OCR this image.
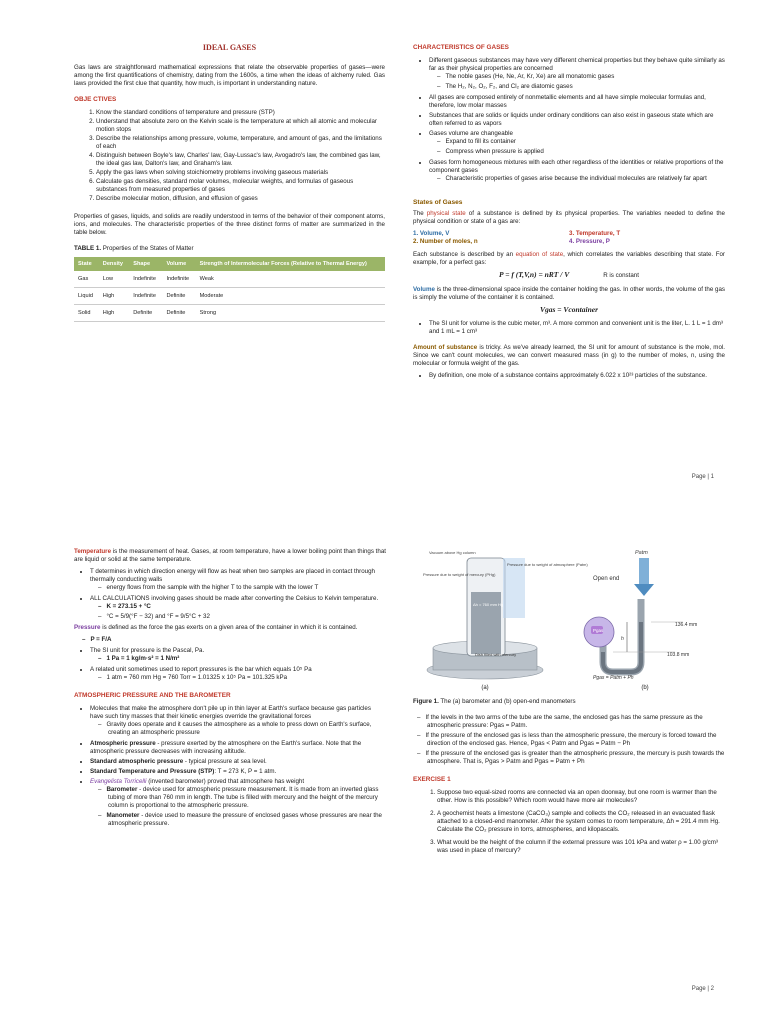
IDEAL GASES

Gas laws are straightforward mathematical expressions that relate the observable properties of gases—were among the first quantifications of chemistry, dating from the 1600s, a time when the ideas of alchemy ruled. Gas laws provided the first clue that quantity, how much, is important in understanding nature.

OBJE CTIVES
1. Know the standard conditions of temperature and pressure (STP)
2. Understand that absolute zero on the Kelvin scale is the temperature at which all atomic and molecular motion stops
3. Describe the relationships among pressure, volume, temperature, and amount of gas, and the limitations of each
4. Distinguish between Boyle's law, Charles' law, Gay-Lussac's law, Avogadro's law, the combined gas law, the ideal gas law, Dalton's law, and Graham's law.
5. Apply the gas laws when solving stoichiometry problems involving gaseous materials
6. Calculate gas densities, standard molar volumes, molecular weights, and formulas of gaseous substances from measured properties of gases
7. Describe molecular motion, diffusion, and effusion of gases

Properties of gases, liquids, and solids are readily understood in terms of the behavior of their component atoms, ions, and molecules. The characteristic properties of the three distinct forms of matter are summarized in the table below.

TABLE 1. Properties of the States of Matter
State	Density	Shape	Volume	Strength of Intermolecular Forces (Relative to Thermal Energy)
Gas	Low	Indefinite	Indefinite	Weak
Liquid	High	Indefinite	Definite	Moderate
Solid	High	Definite	Definite	Strong
CHARACTERISTICS OF GASES
• Different gaseous substances may have very different chemical properties but they behave quite similarly as far as their physical properties are concerned
– The noble gases (He, Ne, Ar, Kr, Xe) are all monatomic gases
– The H₂, N₂, O₂, F₂, and Cl₂ are diatomic gases
• All gases are composed entirely of nonmetallic elements and all have simple molecular formulas and, therefore, low molar masses
• Substances that are solids or liquids under ordinary conditions can also exist in gaseous state which are often referred to as vapors
• Gases volume are changeable
– Expand to fill its container
– Compress when pressure is applied
• Gases form homogeneous mixtures with each other regardless of the identities or relative proportions of the component gases
– Characteristic properties of gases arise because the individual molecules are relatively far apart
States of Gases

The physical state of a substance is defined by its physical properties. The variables needed to define the physical condition or state of a gas are:

1. Volume, V	3. Temperature, T
2. Number of moles, n	4. Pressure, P

Each substance is described by an equation of state, which correlates the variables describing that state. For example, for a perfect gas:

P = f (T,V,n) = nRT / V	R is constant

Volume is the three-dimensional space inside the container holding the gas. In other words, the volume of the gas is simply the volume of the container it is contained.

Vgas = Vcontainer
• The SI unit for volume is the cubic meter, m³. A more common and convenient unit is the liter, L. 1 L = 1 dm³ and 1 mL = 1 cm³

Amount of substance is tricky. As we've already learned, the SI unit for amount of substance is the mole, mol. Since we can't count molecules, we can convert measured mass (in g) to the number of moles, n, using the molecular or formula weight of the gas.

• By definition, one mole of a substance contains approximately 6.022 x 10²³ particles of the substance.
Page | 1

Temperature is the measurement of heat. Gases, at room temperature, have a lower boiling point than things that are liquid or solid at the same temperature.

• T determines in which direction energy will flow as heat when two samples are placed in contact through thermally conducting walls
– energy flows from the sample with the higher T to the sample with the lower T
• ALL CALCULATIONS involving gases should be made after converting the Celsius to Kelvin temperature.
– K = 273.15 + °C
– °C = 5/9(°F − 32) and °F = 9/5°C + 32

Pressure is defined as the force the gas exerts on a given area of the container in which it is contained.

– P = F/A
• The SI unit for pressure is the Pascal, Pa.
– 1 Pa = 1 kg/m·s² = 1 N/m²
• A related unit sometimes used to report pressures is the bar which equals 10⁵ Pa
– 1 atm = 760 mm Hg = 760 Torr = 1.01325 x 10⁵ Pa = 101.325 kPa
ATMOSPHERIC PRESSURE AND THE BAROMETER
• Molecules that make the atmosphere don't pile up in thin layer at Earth's surface because gas particles have such tiny masses that their kinetic energies override the gravitational forces
– Gravity does operate and it causes the atmosphere as a whole to press down on Earth's surface, creating an atmospheric pressure
• Atmospheric pressure - pressure exerted by the atmosphere on the Earth's surface. Note that the atmospheric pressure decreases with increasing altitude.
• Standard atmospheric pressure - typical pressure at sea level.
• Standard Temperature and Pressure (STP): T = 273 K, P = 1 atm.
• Evangelista Torricelli (invented barometer) proved that atmosphere has weight
– Barometer - device used for atmospheric pressure measurement. It is made from an inverted glass tubing of more than 760 mm in length. The tube is filled with mercury and the height of the mercury column is proportional to the atmospheric pressure.
– Manometer - device used to measure the pressure of enclosed gases whose pressures are near the atmospheric pressure.
Vacuum above Hg column
Pressure due to weight of mercury (PHg)
Pressure due to weight of atmosphere (Patm)
Δh = 760 mm Hg
Dish filled with mercury
(a)
Patm
Open end
Pgas
h
136.4 mm
103.8 mm
Pgas = Patm + Ph
(b)
Figure 1. The (a) barometer and (b) open-end manometers
– If the levels in the two arms of the tube are the same, the enclosed gas has the same pressure as the atmospheric pressure: Pgas = Patm.
– If the pressure of the enclosed gas is less than the atmospheric pressure, the mercury is forced toward the direction of the enclosed gas. Hence, Pgas < Patm and Pgas = Patm − Ph
– If the pressure of the enclosed gas is greater than the atmospheric pressure, the mercury is push towards the atmosphere. That is, Pgas > Patm and Pgas = Patm + Ph
EXERCISE 1
1. Suppose two equal-sized rooms are connected via an open doorway, but one room is warmer than the other. How is this possible? Which room would have more air molecules?
2. A geochemist heats a limestone (CaCO₃) sample and collects the CO₂ released in an evacuated flask attached to a closed-end manometer. After the system comes to room temperature, Δh = 291.4 mm Hg. Calculate the CO₂ pressure in torrs, atmospheres, and kilopascals.
3. What would be the height of the column if the external pressure was 101 kPa and water ρ = 1.00 g/cm³ was used in place of mercury?
Page | 2
